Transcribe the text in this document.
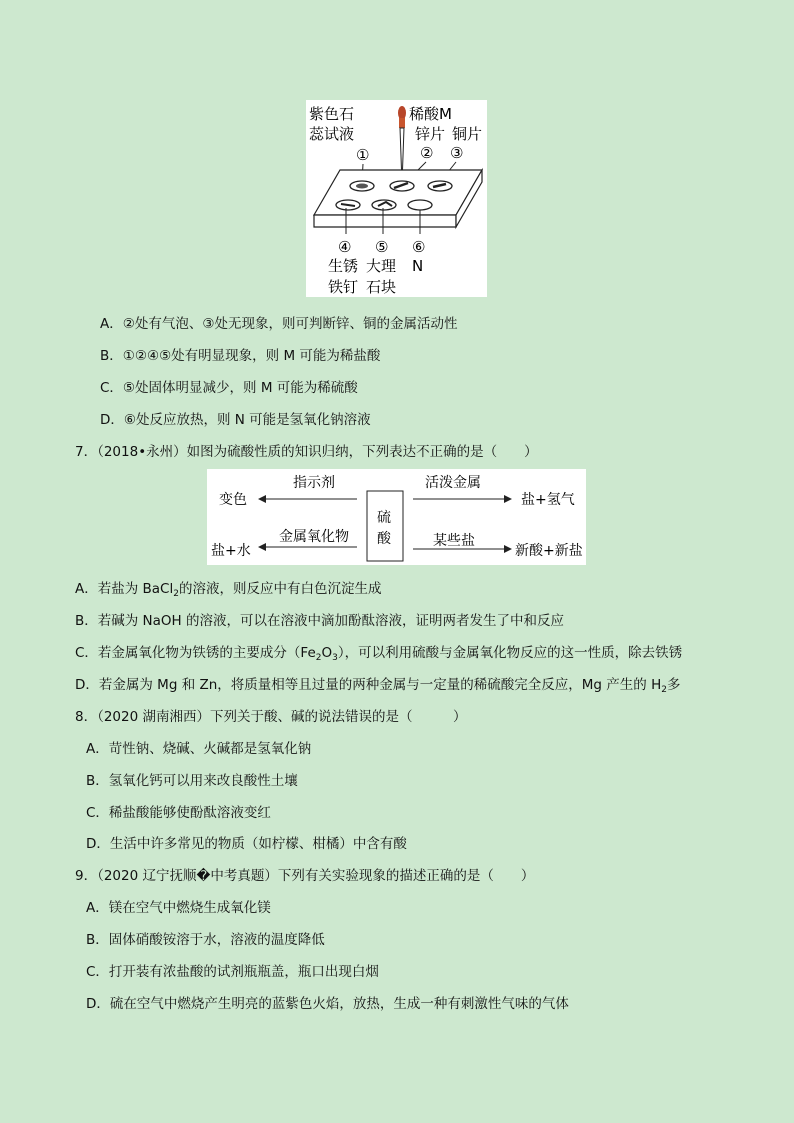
紫色石
蕊试液
稀酸M
锌片 铜片
①	② ③
④ ⑤ ⑥
生锈 大理 N
铁钉 石块
A．②处有气泡、③处无现象，则可判断锌、铜的金属活动性
B．①②④⑤处有明显现象，则 M 可能为稀盐酸
C．⑤处固体明显减少，则 M 可能为稀硫酸
D．⑥处反应放热，则 N 可能是氢氧化钠溶液
7．（2018•永州）如图为硫酸性质的知识归纳，下列表达不正确的是（　　）
硫
酸
指示剂
变色
活泼金属
盐+氢气
金属氧化物
盐+水
某些盐
新酸+新盐
A．若盐为 BaCl$_2$的溶液，则反应中有白色沉淀生成
B．若碱为 NaOH 的溶液，可以在溶液中滴加酚酞溶液，证明两者发生了中和反应
C．若金属氧化物为铁锈的主要成分$(Fe_2O_3)$，可以利用硫酸与金属氧化物反应的这一性质，除去铁锈
D．若金属为 Mg 和 Zn，将质量相等且过量的两种金属与一定量的稀硫酸完全反应，Mg 产生的 $H_2$多
8．（2020 湖南湘西）下列关于酸、碱的说法错误的是（　　　）
A．苛性钠、烧碱、火碱都是氢氧化钠
B．氢氧化钙可以用来改良酸性土壤
C．稀盐酸能够使酚酞溶液变红
D．生活中许多常见的物质（如柠檬、柑橘）中含有酸
9．（2020 辽宁抚顺�中考真题）下列有关实验现象的描述正确的是（　　）
A．镁在空气中燃烧生成氧化镁
B．固体硝酸铵溶于水，溶液的温度降低
C．打开装有浓盐酸的试剂瓶瓶盖，瓶口出现白烟
D．硫在空气中燃烧产生明亮的蓝紫色火焰，放热，生成一种有刺激性气味的气体
